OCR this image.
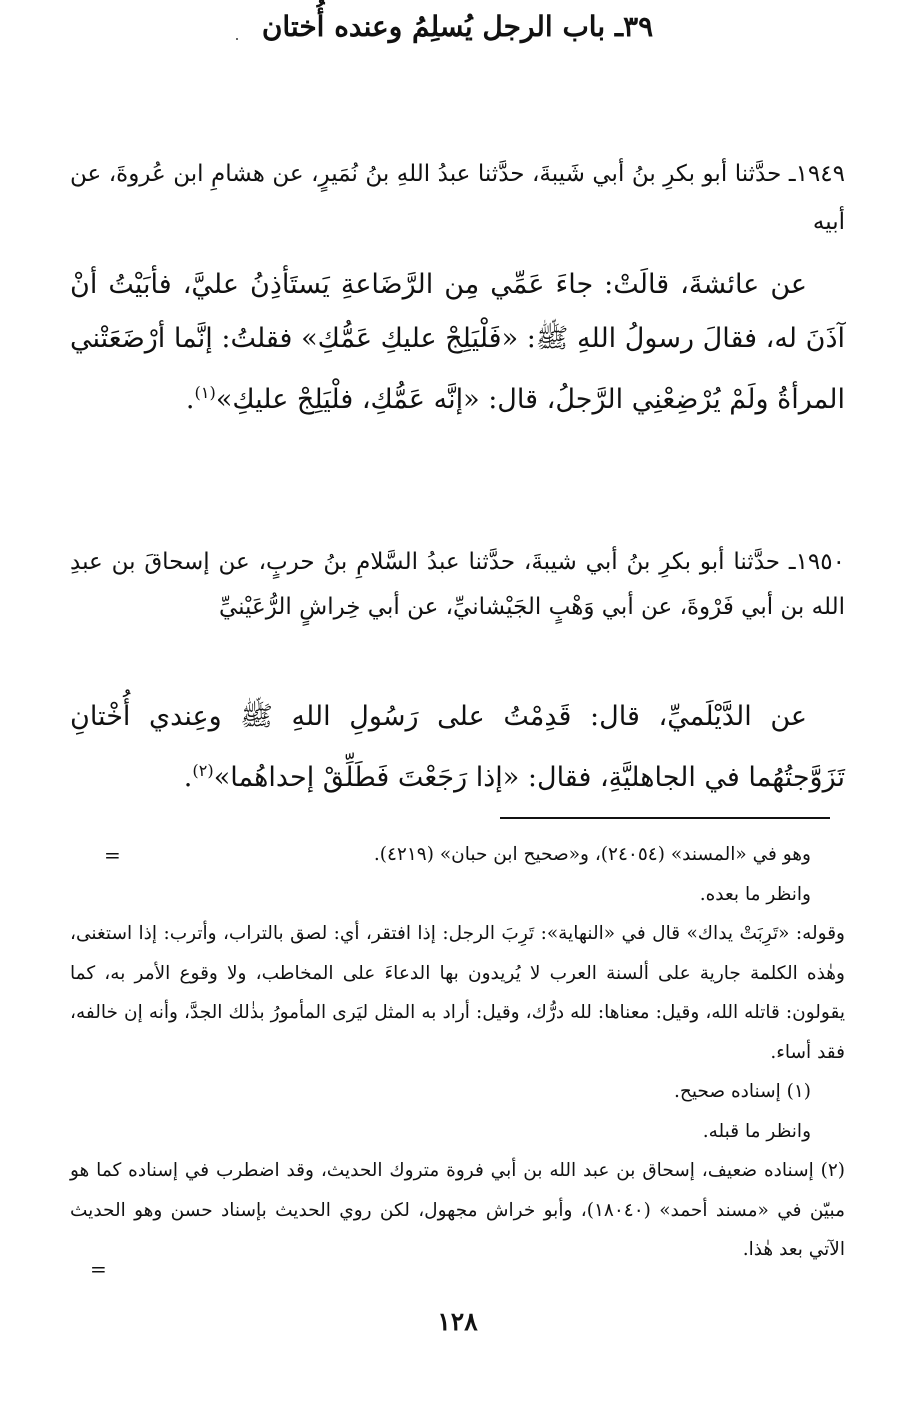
١٩٤٩ـ حدَّثنا أبو بكرِ بنُ أبي شَيبةَ، حدَّثنا عبدُ اللهِ بنُ نُمَيرٍ، عن هشامِ ابن عُروةَ، عن أبيه

عن عائشةَ، قالَتْ: جاءَ عَمِّي مِن الرَّضَاعةِ يَستَأذِنُ عليَّ، فأبَيْتُ أنْ آذَنَ له، فقالَ رسولُ اللهِ ﷺ: «فَلْيَلِجْ عليكِ عَمُّكِ» فقلتُ: إنَّما أرْضَعَتْني المرأةُ ولَمْ يُرْضِعْنِي الرَّجلُ، قال: «إنَّه عَمُّكِ، فلْيَلِجْ عليكِ»$^{(١)}$.

٣٩ـ باب الرجل يُسلِمُ وعنده أُختان

١٩٥٠ـ حدَّثنا أبو بكرِ بنُ أبي شيبةَ، حدَّثنا عبدُ السَّلامِ بنُ حربٍ، عن إسحاقَ بن عبدِ الله بن أبي فَرْوةَ، عن أبي وَهْبٍ الجَيْشانيِّ، عن أبي خِراشٍ الرُّعَيْنيِّ

عن الدَّيْلَميِّ، قال: قَدِمْتُ على رَسُولِ اللهِ ﷺ وعِندي أُخْتانِ تَزَوَّجتُهُما في الجاهليَّةِ، فقال: «إذا رَجَعْتَ فَطَلِّقْ إحداهُما»$^{(٢)}$.

=	وهو في «المسند» (٢٤٠٥٤)، و«صحيح ابن حبان» (٤٢١٩).

وانظر ما بعده.

وقوله: «تَرِبَتْ يداك» قال في «النهاية»: تَرِبَ الرجل: إذا افتقر، أي: لصق بالتراب، وأترب: إذا استغنى، وهٰذه الكلمة جارية على ألسنة العرب لا يُريدون بها الدعاءَ على المخاطب، ولا وقوع الأمر به، كما يقولون: قاتله الله، وقيل: معناها: لله درُّك، وقيل: أراد به المثل ليَرى المأمورُ بذٰلك الجدَّ، وأنه إن خالفه، فقد أساء.

(١) إسناده صحيح.

وانظر ما قبله.

(٢) إسناده ضعيف، إسحاق بن عبد الله بن أبي فروة متروك الحديث، وقد اضطرب في إسناده كما هو مبيّن في «مسند أحمد» (١٨٠٤٠)، وأبو خراش مجهول، لكن روي الحديث بإسناد حسن وهو الحديث الآتي بعد هٰذا.

=
١٢٨
